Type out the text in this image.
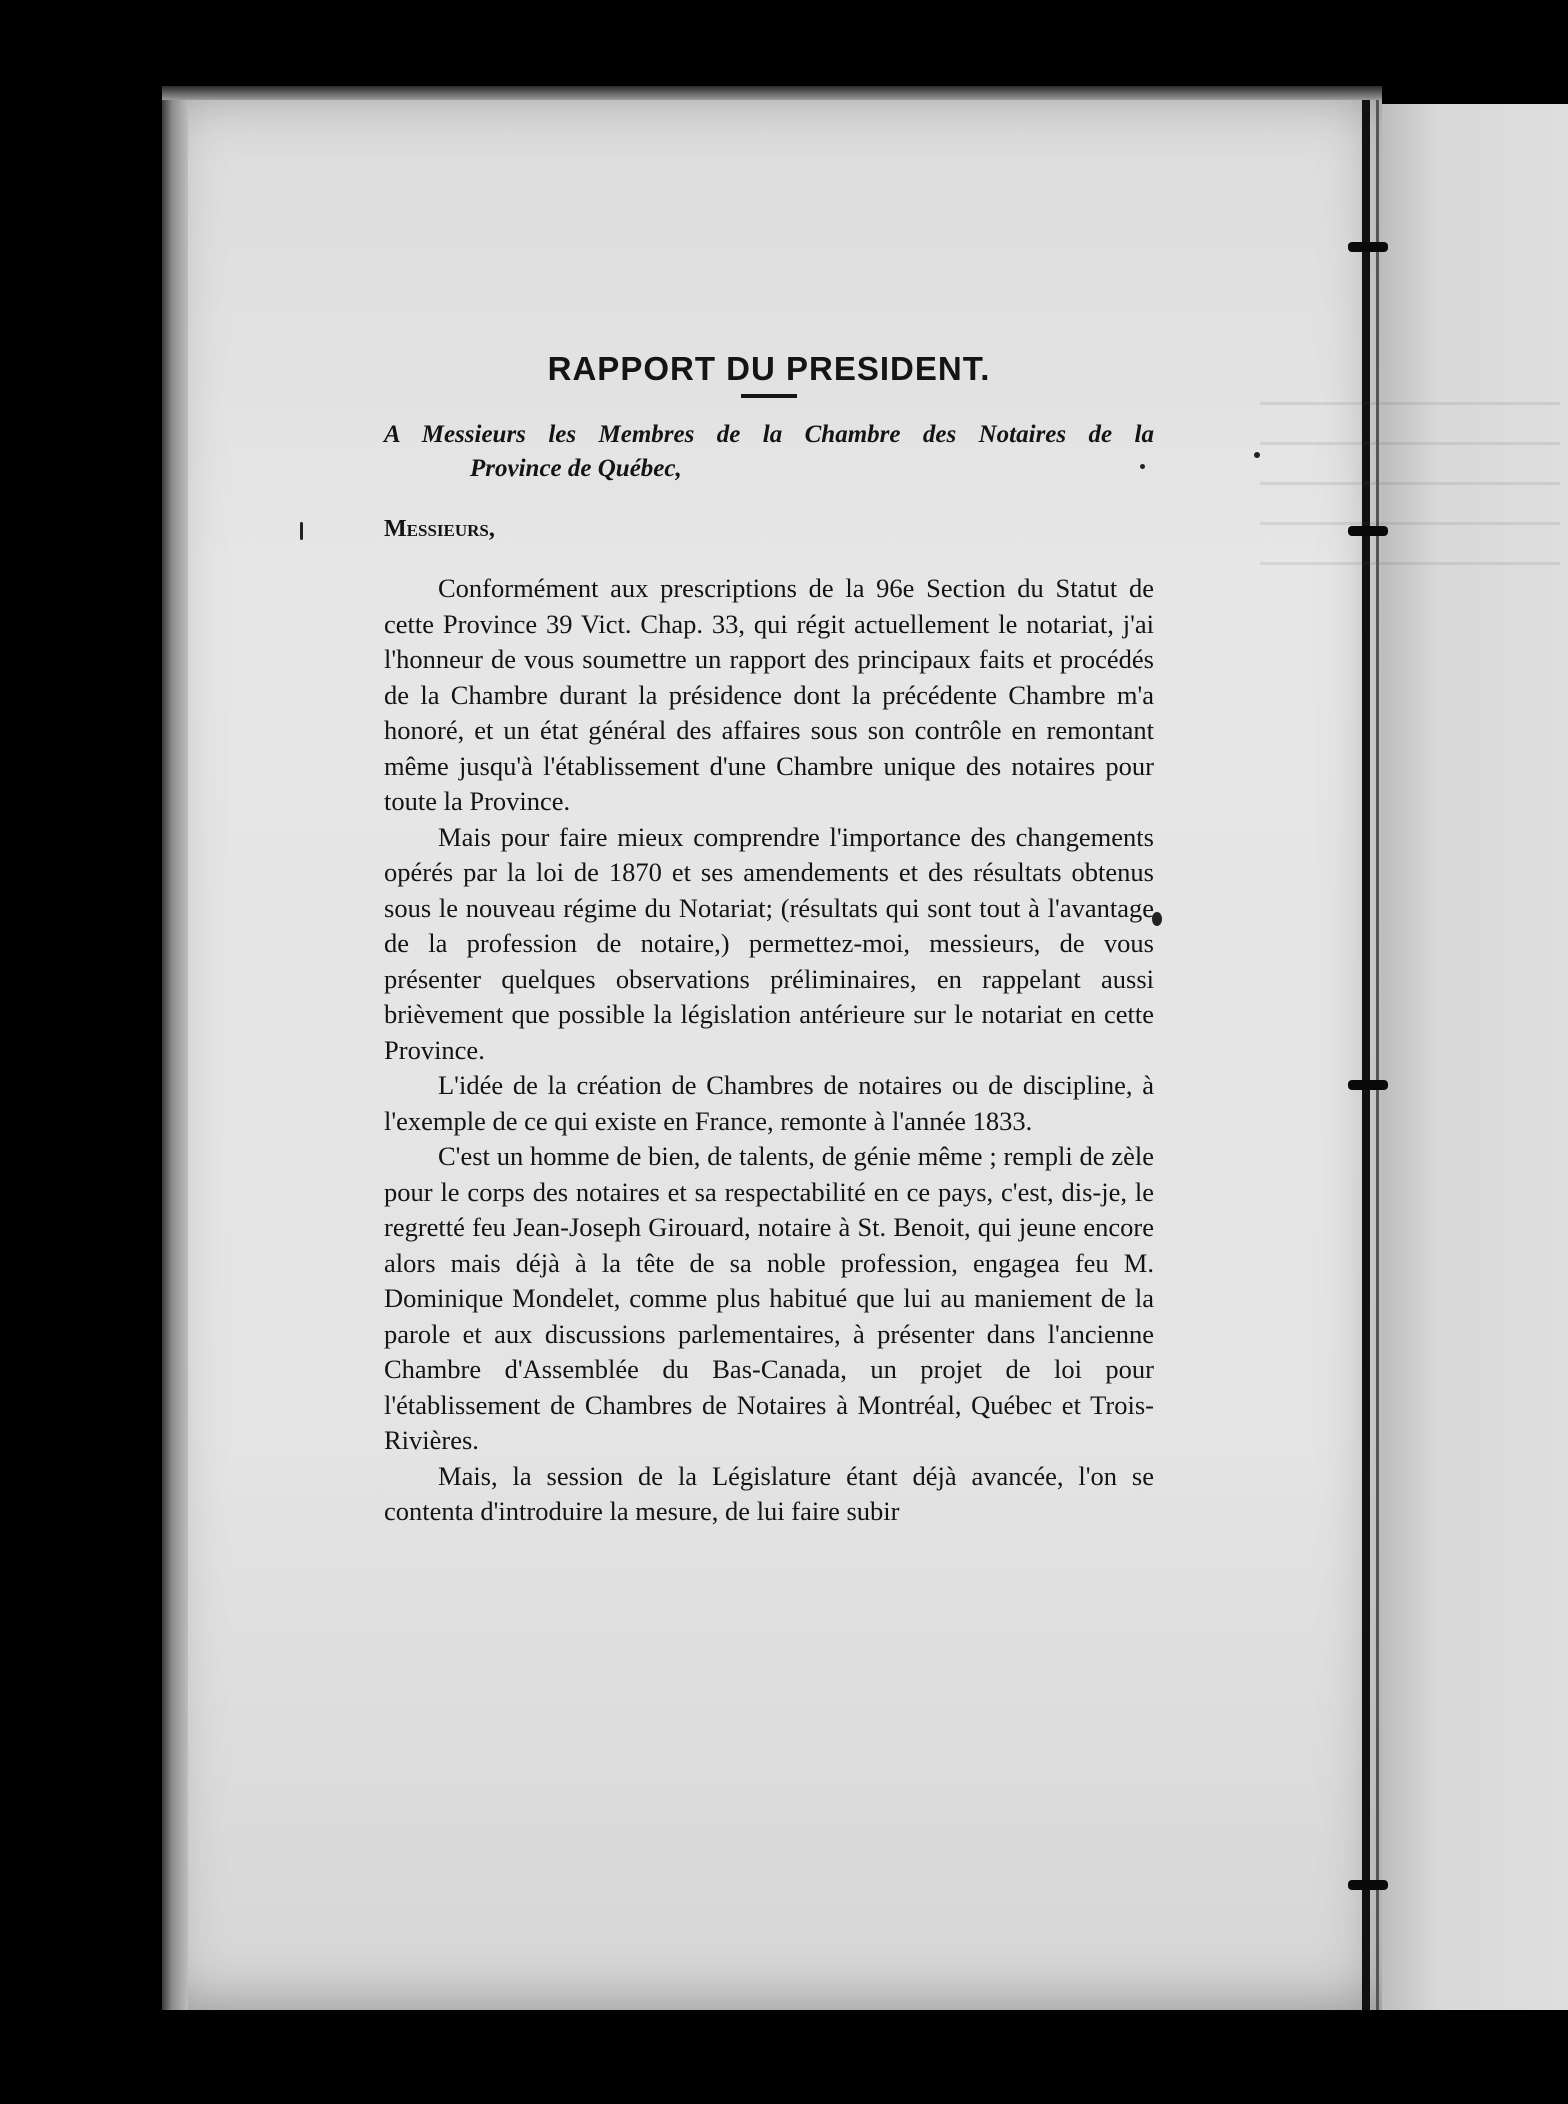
RAPPORT DU PRESIDENT.

A Messieurs les Membres de la Chambre des Notaires de la

Province de Québec,

Messieurs,

Conformément aux prescriptions de la 96e Section du Statut de cette Province 39 Vict. Chap. 33, qui régit actuellement le notariat, j'ai l'honneur de vous soumettre un rapport des principaux faits et procédés de la Chambre durant la présidence dont la précédente Chambre m'a honoré, et un état général des affaires sous son contrôle en remontant même jusqu'à l'établissement d'une Chambre unique des notaires pour toute la Province.

Mais pour faire mieux comprendre l'importance des changements opérés par la loi de 1870 et ses amendements et des résultats obtenus sous le nouveau régime du Notariat; (résultats qui sont tout à l'avantage de la profession de notaire,) permettez-moi, messieurs, de vous présenter quelques observations préliminaires, en rappelant aussi brièvement que possible la législation antérieure sur le notariat en cette Province.

L'idée de la création de Chambres de notaires ou de discipline, à l'exemple de ce qui existe en France, remonte à l'année 1833.

C'est un homme de bien, de talents, de génie même ; rempli de zèle pour le corps des notaires et sa respectabilité en ce pays, c'est, dis-je, le regretté feu Jean-Joseph Girouard, notaire à St. Benoit, qui jeune encore alors mais déjà à la tête de sa noble profession, engagea feu M. Dominique Mondelet, comme plus habitué que lui au maniement de la parole et aux discussions parlementaires, à présenter dans l'ancienne Chambre d'Assemblée du Bas-Canada, un projet de loi pour l'établissement de Chambres de Notaires à Montréal, Québec et Trois-Rivières.

Mais, la session de la Législature étant déjà avancée, l'on se contenta d'introduire la mesure, de lui faire subir
